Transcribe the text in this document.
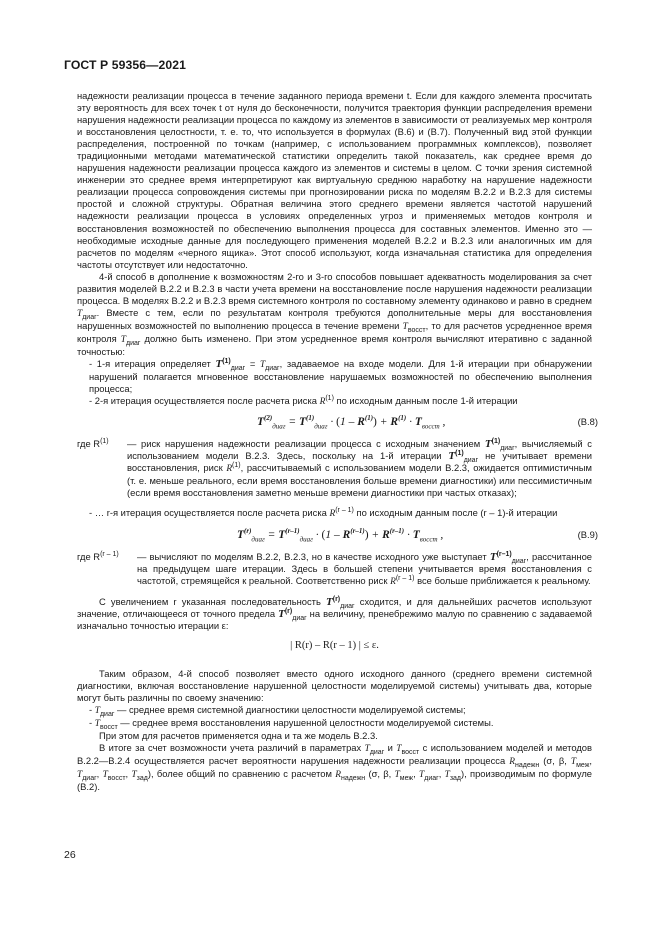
ГОСТ Р 59356—2021

надежности реализации процесса в течение заданного периода времени t. Если для каждого элемента просчитать эту вероятность для всех точек t от нуля до бесконечности, получится траектория функции распределения времени нарушения надежности реализации процесса по каждому из элементов в зависимости от реализуемых мер контроля и восстановления целостности, т. е. то, что используется в формулах (В.6) и (В.7). Полученный вид этой функции распределения, построенной по точкам (например, с использованием программных комплексов), позволяет традиционными методами математической статистики определить такой показатель, как среднее время до нарушения надежности реализации процесса каждого из элементов и системы в целом. С точки зрения системной инженерии это среднее время интерпретируют как виртуальную среднюю наработку на нарушение надежности реализации процесса сопровождения системы при прогнозировании риска по моделям В.2.2 и В.2.3 для системы простой и сложной структуры. Обратная величина этого среднего времени является частотой нарушений надежности реализации процесса в условиях определенных угроз и применяемых методов контроля и восстановления возможностей по обеспечению выполнения процесса для составных элементов. Именно это — необходимые исходные данные для последующего применения моделей В.2.2 и В.2.3 или аналогичных им для расчетов по моделям «черного ящика». Этот способ используют, когда изначальная статистика для определения частоты отсутствует или недостаточно.

4-й способ в дополнение к возможностям 2-го и 3-го способов повышает адекватность моделирования за счет развития моделей В.2.2 и В.2.3 в части учета времени на восстановление после нарушения надежности реализации процесса. В моделях В.2.2 и В.2.3 время системного контроля по составному элементу одинаково и равно в среднем $T_{диаг}$. Вместе с тем, если по результатам контроля требуются дополнительные меры для восстановления нарушенных возможностей по выполнению процесса в течение времени $T_{восст}$, то для расчетов усредненное время контроля $T_{диаг}$ должно быть изменено. При этом усредненное время контроля вычисляют итеративно с заданной точностью:

- 1-я итерация определяет $T^{(1)}_{диаг} = T_{диаг}$, задаваемое на входе модели. Для 1-й итерации при обнаружении нарушений полагается мгновенное восстановление нарушаемых возможностей по обеспечению выполнения процесса;

- 2-я итерация осуществляется после расчета риска $R^{(1)}$ по исходным данным после 1-й итерации

$T^{(2)}_{диаг} = T^{(1)}_{диаг} \cdot (1 - R^{(1)}) + R^{(1)} \cdot T_{восст}$ ,	(В.8)
где $R^{(1)}$	— риск нарушения надежности реализации процесса с исходным значением $T^{(1)}_{диаг}$, вычисляемый с использованием модели В.2.3. Здесь, поскольку на 1-й итерации $T^{(1)}_{диаг}$ не учитывает времени восстановления, риск $R^{(1)}$, рассчитываемый с использованием модели В.2.3, ожидается оптимистичным (т. е. меньше реального, если время восстановления больше времени диагностики) или пессимистичным (если время восстановления заметно меньше времени диагностики при частых отказах);

- … r-я итерация осуществляется после расчета риска $R^{(r - 1)}$ по исходным данным после (r – 1)-й итерации

$T^{(r)}_{диаг} = T^{(r-1)}_{диаг} \cdot (1 - R^{(r-1)}) + R^{(r-1)} \cdot T_{восст}$ ,	(В.9)
где $R^{(r - 1)}$	— вычисляют по моделям В.2.2, В.2.3, но в качестве исходного уже выступает $T^{(r-1)}_{диаг}$, рассчитанное на предыдущем шаге итерации. Здесь в большей степени учитывается время восстановления с частотой, стремящейся к реальной. Соответственно риск $R^{(r - 1)}$ все больше приближается к реальному.

С увеличением r указанная последовательность $T^{(r)}_{диаг}$ сходится, и для дальнейших расчетов используют значение, отличающееся от точного предела $T^{(r)}_{диаг}$ на величину, пренебрежимо малую по сравнению с задаваемой изначально точностью итерации ε:

| R(r) – R(r – 1) | ≤ ε.

Таким образом, 4-й способ позволяет вместо одного исходного данного (среднего времени системной диагностики, включая восстановление нарушенной целостности моделируемой системы) учитывать два, которые могут быть различны по своему значению:

- $T_{диаг}$ — среднее время системной диагностики целостности моделируемой системы;

- $T_{восст}$ — среднее время восстановления нарушенной целостности моделируемой системы.

При этом для расчетов применяется одна и та же модель В.2.3.

В итоге за счет возможности учета различий в параметрах $T_{диаг}$ и $T_{восст}$ с использованием моделей и методов В.2.2—В.2.4 осуществляется расчет вероятности нарушения надежности реализации процесса $R_{надежн}$ (σ, β, $T_{меж}$, $T_{диаг}$, $T_{восст}$, $T_{зад}$), более общий по сравнению с расчетом $R_{надежн}$ (σ, β, $T_{меж}$, $T_{диаг}$, $T_{зад}$), производимым по формуле (В.2).

26
